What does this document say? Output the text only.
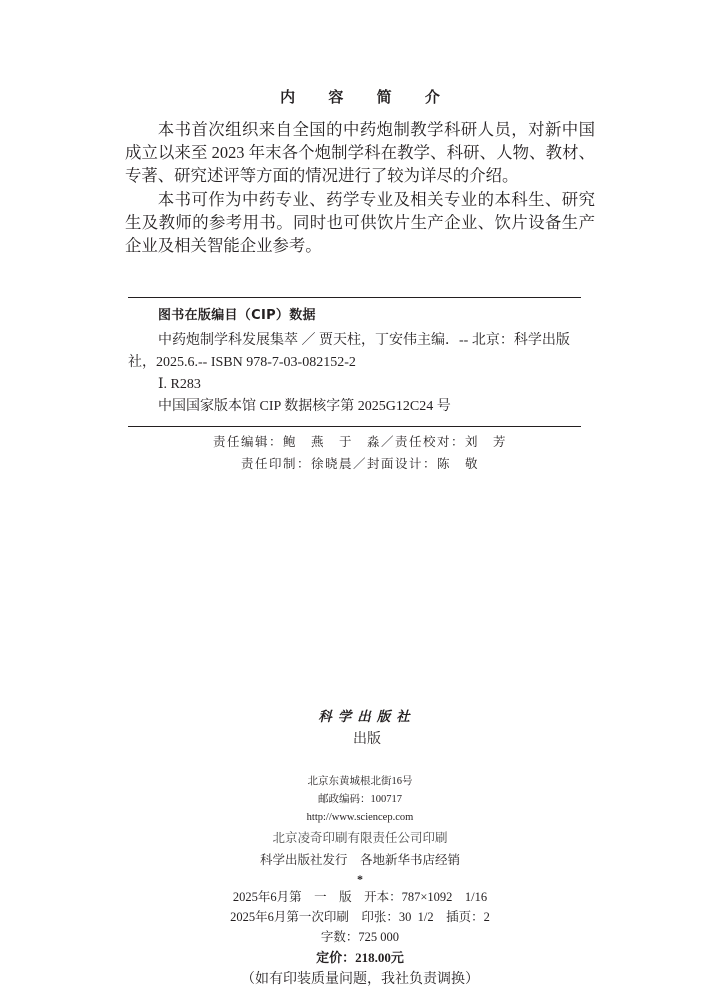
内 容 简 介

本书首次组织来自全国的中药炮制教学科研人员，对新中国成立以来至 2023 年末各个炮制学科在教学、科研、人物、教材、专著、研究述评等方面的情况进行了较为详尽的介绍。

本书可作为中药专业、药学专业及相关专业的本科生、研究生及教师的参考用书。同时也可供饮片生产企业、饮片设备生产企业及相关智能企业参考。

图书在版编目（CIP）数据
中药炮制学科发展集萃 ／ 贾天柱，丁安伟主编．-- 北京：科学出版
社，2025.6.-- ISBN 978-7-03-082152-2
Ⅰ. R283
中国国家版本馆 CIP 数据核字第 2025G12C24 号
责任编辑：鲍　燕　于　淼／责任校对：刘　芳
责任印制：徐晓晨／封面设计：陈　敬

科学出版社
出版

北京东黄城根北街16号
邮政编码：100717
http://www.sciencep.com
北京凌奇印刷有限责任公司印刷
科学出版社发行　各地新华书店经销
*
2025年6月第　一　版　开本：787×1092　1/16
2025年6月第一次印刷　印张：30  1/2　插页：2
字数：725 000
定价：218.00元
（如有印装质量问题，我社负责调换）
